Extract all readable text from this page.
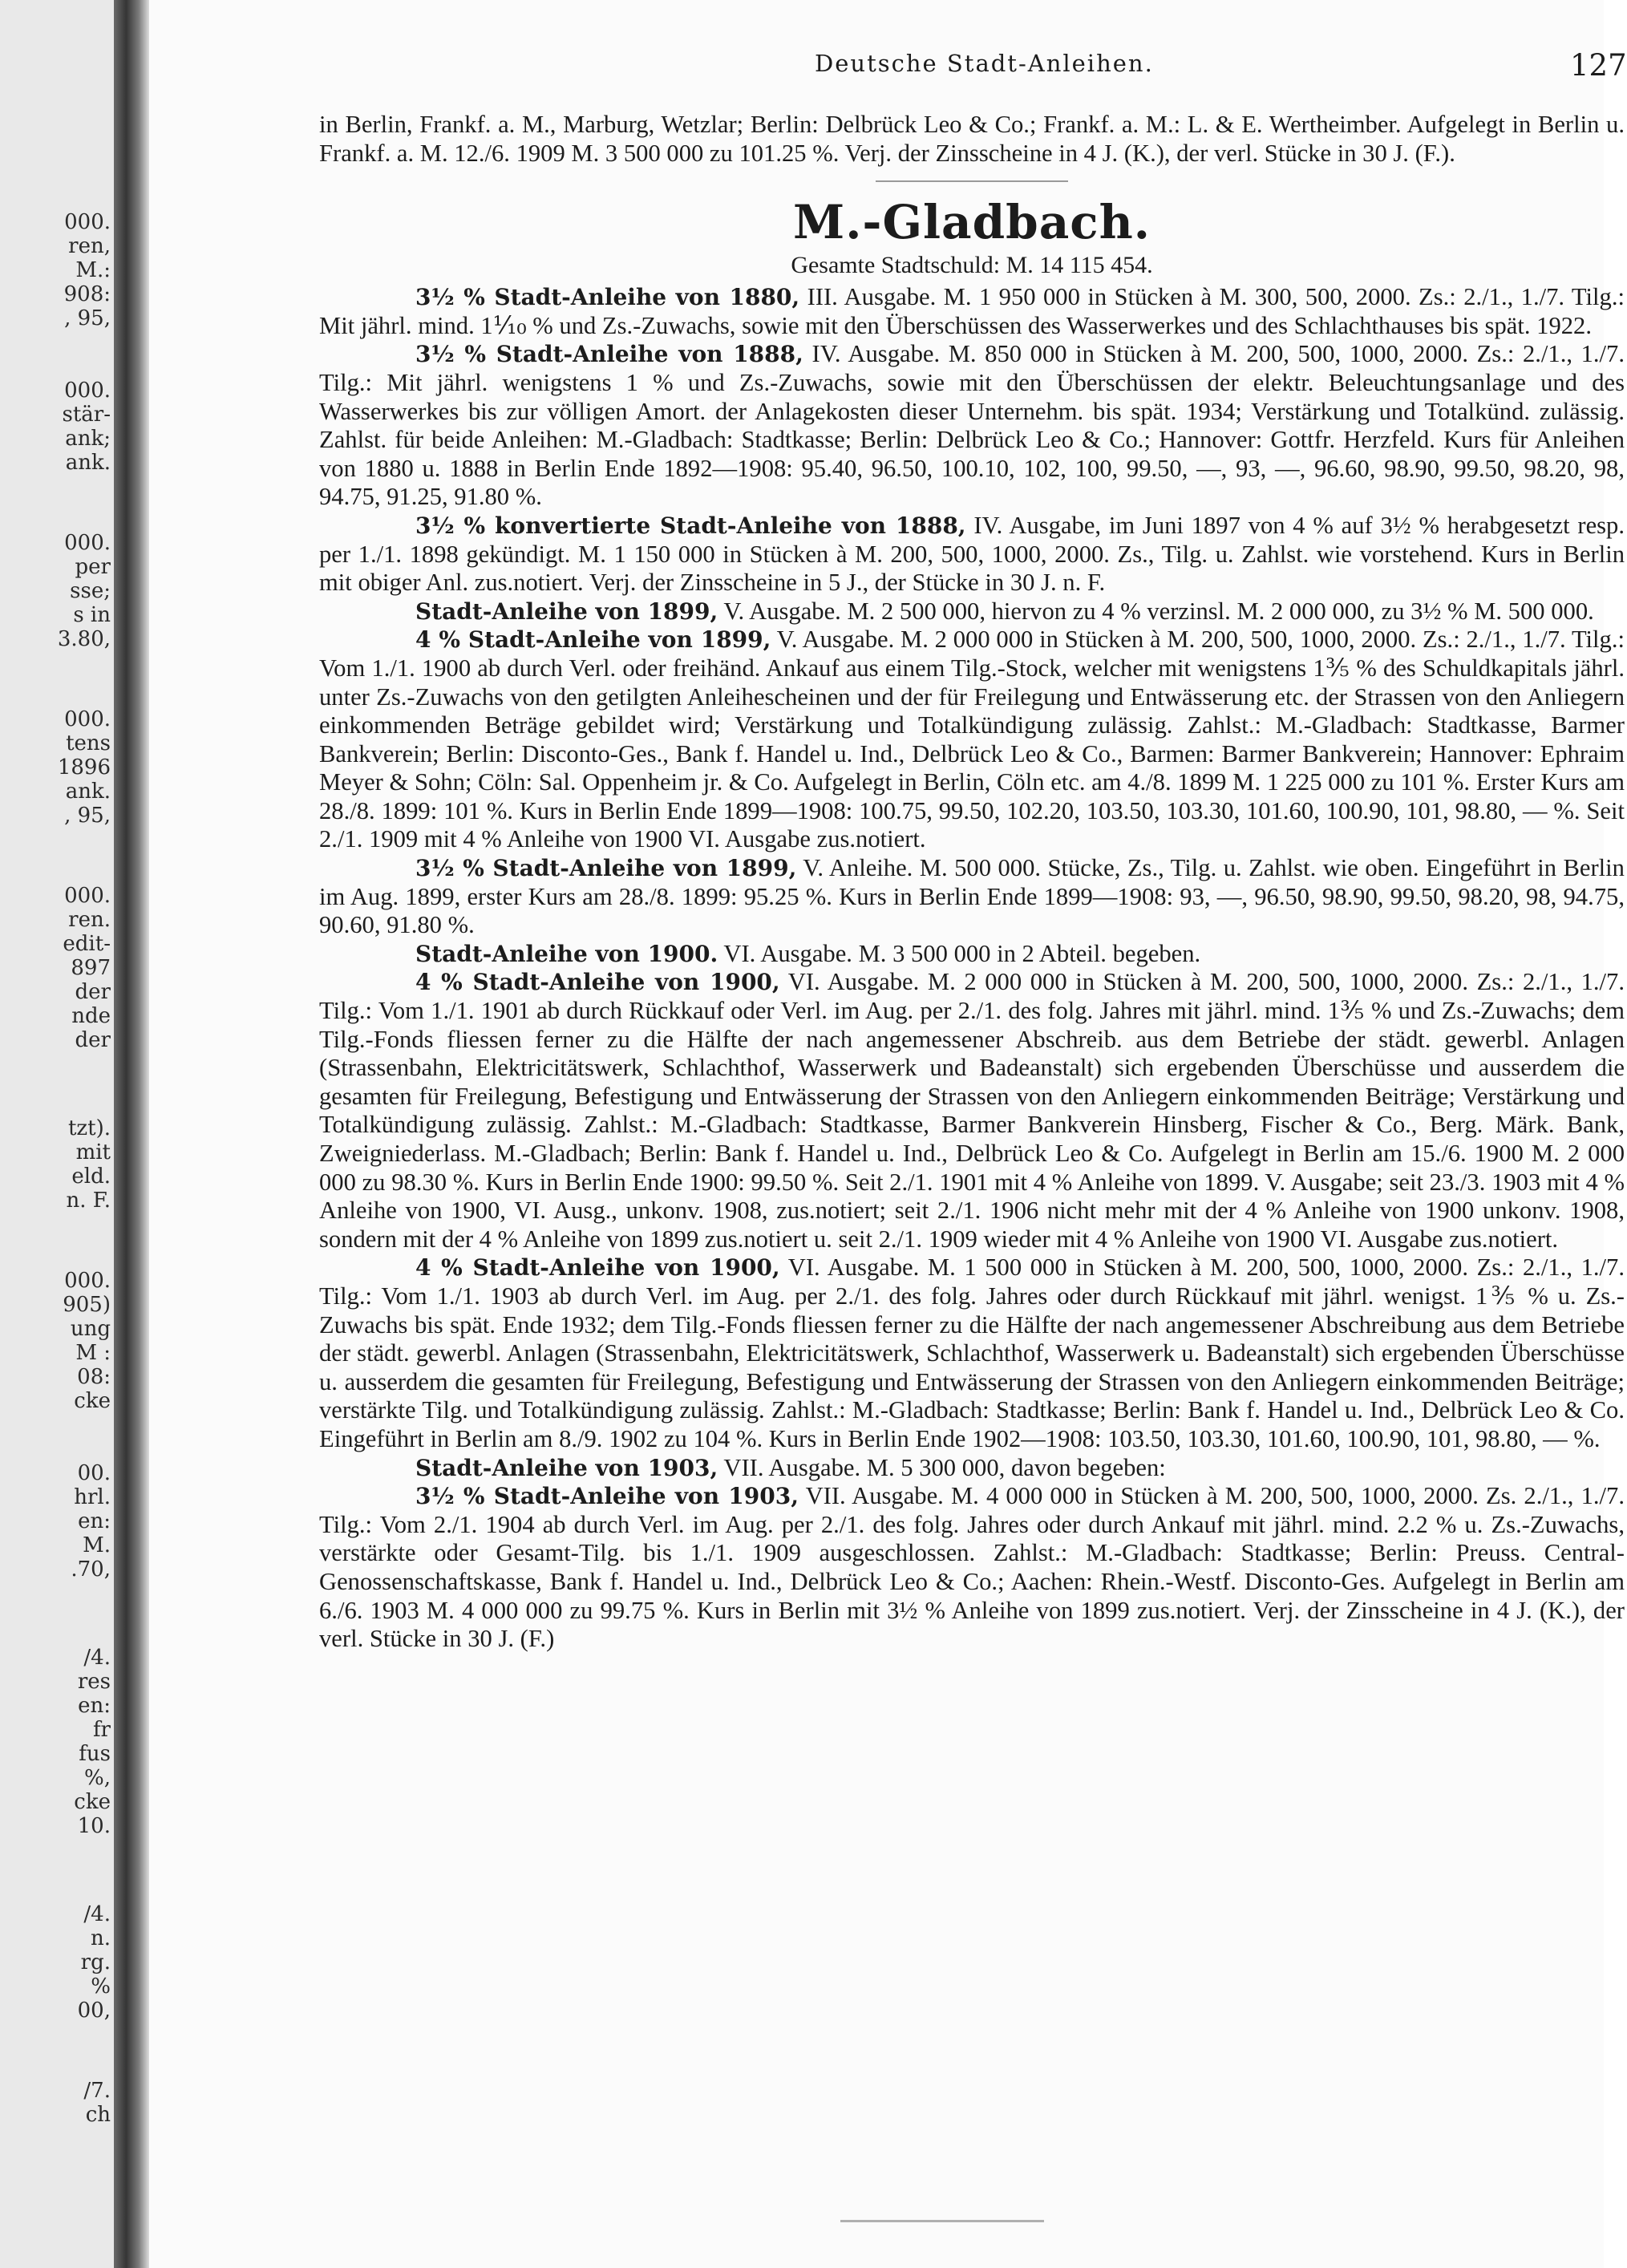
000.
ren,
M.:
908:
, 95,
000.
stär-
ank;
ank.
000.
per
sse;
s in
3.80,
000.
tens
1896
ank.
, 95,
000.
ren.
edit-
897
der
nde
der
tzt).
mit
eld.
n. F.
000.
905)
ung
M :
08:
cke
00.
hrl.
en:
M.
.70,
/4.
res
en:
fr
fus
%,
cke
10.
/4.
n.
rg.
%
00,
/7.
ch
Deutsche Stadt-Anleihen.	127

in Berlin, Frankf. a. M., Marburg, Wetzlar; Berlin: Delbrück Leo & Co.; Frankf. a. M.: L. & E. Wertheimber. Aufgelegt in Berlin u. Frankf. a. M. 12./6. 1909 M. 3 500 000 zu 101.25 %. Verj. der Zinsscheine in 4 J. (K.), der verl. Stücke in 30 J. (F.).

M.-Gladbach.
Gesamte Stadtschuld: M. 14 115 454.

3½ % Stadt-Anleihe von 1880, III. Ausgabe. M. 1 950 000 in Stücken à M. 300, 500, 2000. Zs.: 2./1., 1./7. Tilg.: Mit jährl. mind. 1⅒ % und Zs.-Zuwachs, sowie mit den Überschüssen des Wasserwerkes und des Schlachthauses bis spät. 1922.

3½ % Stadt-Anleihe von 1888, IV. Ausgabe. M. 850 000 in Stücken à M. 200, 500, 1000, 2000. Zs.: 2./1., 1./7. Tilg.: Mit jährl. wenigstens 1 % und Zs.-Zuwachs, sowie mit den Überschüssen der elektr. Beleuchtungsanlage und des Wasserwerkes bis zur völligen Amort. der Anlagekosten dieser Unternehm. bis spät. 1934; Verstärkung und Totalkünd. zulässig. Zahlst. für beide Anleihen: M.-Gladbach: Stadtkasse; Berlin: Delbrück Leo & Co.; Hannover: Gottfr. Herzfeld. Kurs für Anleihen von 1880 u. 1888 in Berlin Ende 1892—1908: 95.40, 96.50, 100.10, 102, 100, 99.50, —, 93, —, 96.60, 98.90, 99.50, 98.20, 98, 94.75, 91.25, 91.80 %.

3½ % konvertierte Stadt-Anleihe von 1888, IV. Ausgabe, im Juni 1897 von 4 % auf 3½ % herabgesetzt resp. per 1./1. 1898 gekündigt. M. 1 150 000 in Stücken à M. 200, 500, 1000, 2000. Zs., Tilg. u. Zahlst. wie vorstehend. Kurs in Berlin mit obiger Anl. zus.notiert. Verj. der Zinsscheine in 5 J., der Stücke in 30 J. n. F.

Stadt-Anleihe von 1899, V. Ausgabe. M. 2 500 000, hiervon zu 4 % verzinsl. M. 2 000 000, zu 3½ % M. 500 000.

4 % Stadt-Anleihe von 1899, V. Ausgabe. M. 2 000 000 in Stücken à M. 200, 500, 1000, 2000. Zs.: 2./1., 1./7. Tilg.: Vom 1./1. 1900 ab durch Verl. oder freihänd. Ankauf aus einem Tilg.-Stock, welcher mit wenigstens 1⅗ % des Schuldkapitals jährl. unter Zs.-Zuwachs von den getilgten Anleihescheinen und der für Freilegung und Entwässerung etc. der Strassen von den Anliegern einkommenden Beträge gebildet wird; Verstärkung und Totalkündigung zulässig. Zahlst.: M.-Gladbach: Stadtkasse, Barmer Bankverein; Berlin: Disconto-Ges., Bank f. Handel u. Ind., Delbrück Leo & Co., Barmen: Barmer Bankverein; Hannover: Ephraim Meyer & Sohn; Cöln: Sal. Oppenheim jr. & Co. Aufgelegt in Berlin, Cöln etc. am 4./8. 1899 M. 1 225 000 zu 101 %. Erster Kurs am 28./8. 1899: 101 %. Kurs in Berlin Ende 1899—1908: 100.75, 99.50, 102.20, 103.50, 103.30, 101.60, 100.90, 101, 98.80, — %. Seit 2./1. 1909 mit 4 % Anleihe von 1900 VI. Ausgabe zus.notiert.

3½ % Stadt-Anleihe von 1899, V. Anleihe. M. 500 000. Stücke, Zs., Tilg. u. Zahlst. wie oben. Eingeführt in Berlin im Aug. 1899, erster Kurs am 28./8. 1899: 95.25 %. Kurs in Berlin Ende 1899—1908: 93, —, 96.50, 98.90, 99.50, 98.20, 98, 94.75, 90.60, 91.80 %.

Stadt-Anleihe von 1900. VI. Ausgabe. M. 3 500 000 in 2 Abteil. begeben.

4 % Stadt-Anleihe von 1900, VI. Ausgabe. M. 2 000 000 in Stücken à M. 200, 500, 1000, 2000. Zs.: 2./1., 1./7. Tilg.: Vom 1./1. 1901 ab durch Rückkauf oder Verl. im Aug. per 2./1. des folg. Jahres mit jährl. mind. 1⅗ % und Zs.-Zuwachs; dem Tilg.-Fonds fliessen ferner zu die Hälfte der nach angemessener Abschreib. aus dem Betriebe der städt. gewerbl. Anlagen (Strassenbahn, Elektricitätswerk, Schlachthof, Wasserwerk und Badeanstalt) sich ergebenden Überschüsse und ausserdem die gesamten für Freilegung, Befestigung und Entwässerung der Strassen von den Anliegern einkommenden Beiträge; Verstärkung und Totalkündigung zulässig. Zahlst.: M.-Gladbach: Stadtkasse, Barmer Bankverein Hinsberg, Fischer & Co., Berg. Märk. Bank, Zweigniederlass. M.-Gladbach; Berlin: Bank f. Handel u. Ind., Delbrück Leo & Co. Aufgelegt in Berlin am 15./6. 1900 M. 2 000 000 zu 98.30 %. Kurs in Berlin Ende 1900: 99.50 %. Seit 2./1. 1901 mit 4 % Anleihe von 1899. V. Ausgabe; seit 23./3. 1903 mit 4 % Anleihe von 1900, VI. Ausg., unkonv. 1908, zus.notiert; seit 2./1. 1906 nicht mehr mit der 4 % Anleihe von 1900 unkonv. 1908, sondern mit der 4 % Anleihe von 1899 zus.notiert u. seit 2./1. 1909 wieder mit 4 % Anleihe von 1900 VI. Ausgabe zus.notiert.

4 % Stadt-Anleihe von 1900, VI. Ausgabe. M. 1 500 000 in Stücken à M. 200, 500, 1000, 2000. Zs.: 2./1., 1./7. Tilg.: Vom 1./1. 1903 ab durch Verl. im Aug. per 2./1. des folg. Jahres oder durch Rückkauf mit jährl. wenigst. 1⅗ % u. Zs.-Zuwachs bis spät. Ende 1932; dem Tilg.-Fonds fliessen ferner zu die Hälfte der nach angemessener Abschreibung aus dem Betriebe der städt. gewerbl. Anlagen (Strassenbahn, Elektricitätswerk, Schlachthof, Wasserwerk u. Badeanstalt) sich ergebenden Überschüsse u. ausserdem die gesamten für Freilegung, Befestigung und Entwässerung der Strassen von den Anliegern einkommenden Beiträge; verstärkte Tilg. und Totalkündigung zulässig. Zahlst.: M.-Gladbach: Stadtkasse; Berlin: Bank f. Handel u. Ind., Delbrück Leo & Co. Eingeführt in Berlin am 8./9. 1902 zu 104 %. Kurs in Berlin Ende 1902—1908: 103.50, 103.30, 101.60, 100.90, 101, 98.80, — %.

Stadt-Anleihe von 1903, VII. Ausgabe. M. 5 300 000, davon begeben:

3½ % Stadt-Anleihe von 1903, VII. Ausgabe. M. 4 000 000 in Stücken à M. 200, 500, 1000, 2000. Zs. 2./1., 1./7. Tilg.: Vom 2./1. 1904 ab durch Verl. im Aug. per 2./1. des folg. Jahres oder durch Ankauf mit jährl. mind. 2.2 % u. Zs.-Zuwachs, verstärkte oder Gesamt-Tilg. bis 1./1. 1909 ausgeschlossen. Zahlst.: M.-Gladbach: Stadtkasse; Berlin: Preuss. Central-Genossenschaftskasse, Bank f. Handel u. Ind., Delbrück Leo & Co.; Aachen: Rhein.-Westf. Disconto-Ges. Aufgelegt in Berlin am 6./6. 1903 M. 4 000 000 zu 99.75 %. Kurs in Berlin mit 3½ % Anleihe von 1899 zus.notiert. Verj. der Zinsscheine in 4 J. (K.), der verl. Stücke in 30 J. (F.)
